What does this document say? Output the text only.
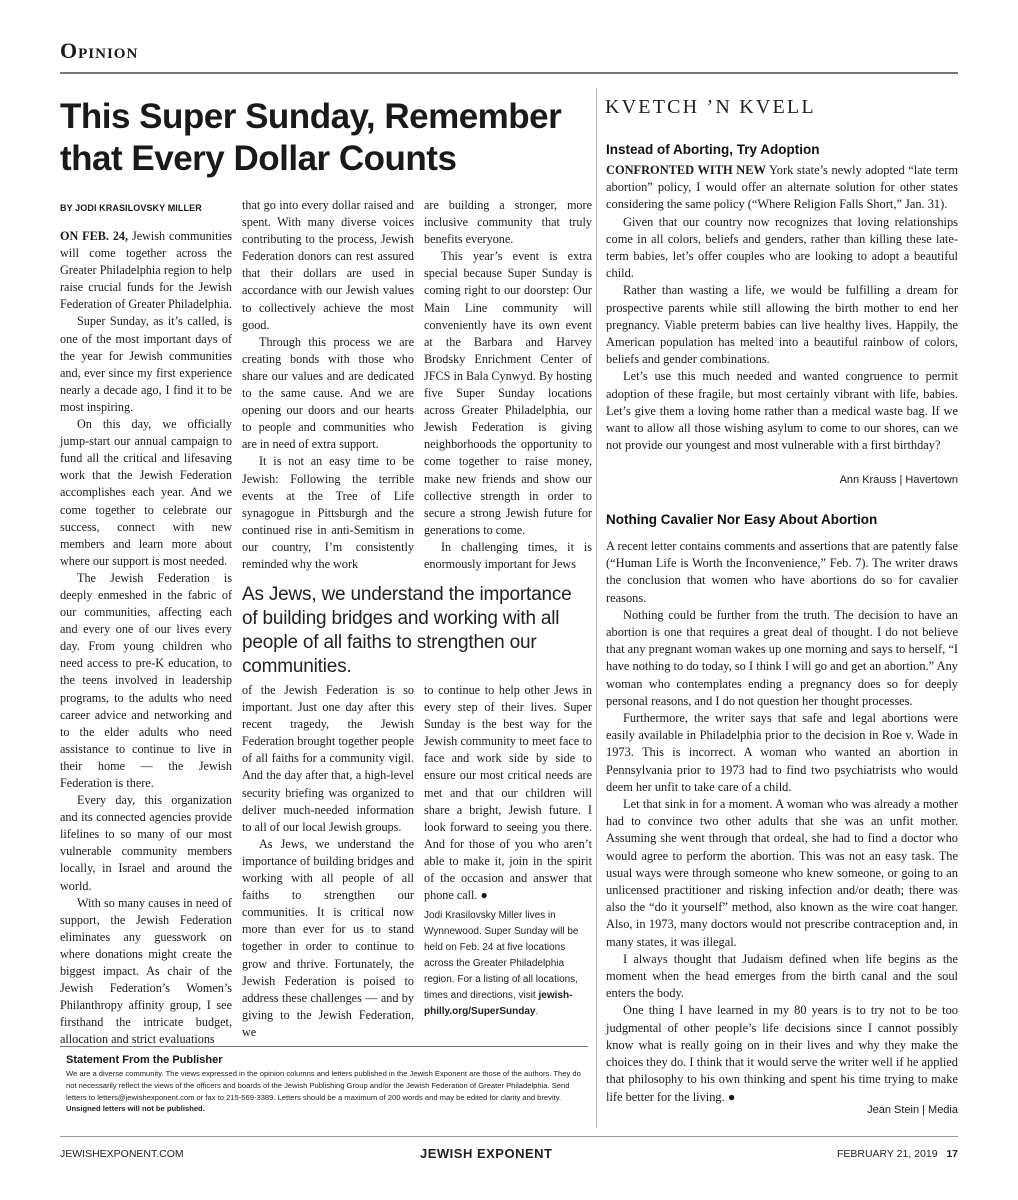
Opinion
This Super Sunday, Remember that Every Dollar Counts
BY JODI KRASILOVSKY MILLER

ON FEB. 24, Jewish communities will come together across the Greater Philadelphia region to help raise crucial funds for the Jewish Federation of Greater Philadelphia.

Super Sunday, as it’s called, is one of the most important days of the year for Jewish communities and, ever since my first experience nearly a decade ago, I find it to be most inspiring.

On this day, we officially jump-start our annual campaign to fund all the critical and lifesaving work that the Jewish Federation accomplishes each year. And we come together to celebrate our success, connect with new members and learn more about where our support is most needed.

The Jewish Federation is deeply enmeshed in the fabric of our communities, affecting each and every one of our lives every day. From young children who need access to pre-K education, to the teens involved in leadership programs, to the adults who need career advice and networking and to the elder adults who need assistance to continue to live in their home — the Jewish Federation is there.

Every day, this organization and its connected agencies provide lifelines to so many of our most vulnerable community members locally, in Israel and around the world.

With so many causes in need of support, the Jewish Federation eliminates any guesswork on where donations might create the biggest impact. As chair of the Jewish Federation’s Women’s Philanthropy affinity group, I see firsthand the intricate budget, allocation and strict evaluations

that go into every dollar raised and spent. With many diverse voices contributing to the process, Jewish Federation donors can rest assured that their dollars are used in accordance with our Jewish values to collectively achieve the most good.

Through this process we are creating bonds with those who share our values and are dedicated to the same cause. And we are opening our doors and our hearts to people and communities who are in need of extra support.

It is not an easy time to be Jewish: Following the terrible events at the Tree of Life synagogue in Pittsburgh and the continued rise in anti-Semitism in our country, I’m consistently reminded why the work

are building a stronger, more inclusive community that truly benefits everyone.

This year’s event is extra special because Super Sunday is coming right to our doorstep: Our Main Line community will conveniently have its own event at the Barbara and Harvey Brodsky Enrichment Center of JFCS in Bala Cynwyd. By hosting five Super Sunday locations across Greater Philadelphia, our Jewish Federation is giving neighborhoods the opportunity to come together to raise money, make new friends and show our collective strength in order to secure a strong Jewish future for generations to come.

In challenging times, it is enormously important for Jews

As Jews, we understand the importance of building bridges and working with all people of all faiths to strengthen our communities.

of the Jewish Federation is so important. Just one day after this recent tragedy, the Jewish Federation brought together people of all faiths for a community vigil. And the day after that, a high-level security briefing was organized to deliver much-needed information to all of our local Jewish groups.

As Jews, we understand the importance of building bridges and working with all people of all faiths to strengthen our communities. It is critical now more than ever for us to stand together in order to continue to grow and thrive. Fortunately, the Jewish Federation is poised to address these challenges — and by giving to the Jewish Federation, we

to continue to help other Jews in every step of their lives. Super Sunday is the best way for the Jewish community to meet face to face and work side by side to ensure our most critical needs are met and that our children will share a bright, Jewish future. I look forward to seeing you there. And for those of you who aren’t able to make it, join in the spirit of the occasion and answer that phone call. ●

Jodi Krasilovsky Miller lives in Wynnewood. Super Sunday will be held on Feb. 24 at five locations across the Greater Philadelphia region. For a listing of all locations, times and directions, visit jewish-philly.org/SuperSunday.
KVETCH ’N KVELL
Instead of Aborting, Try Adoption

CONFRONTED WITH NEW York state’s newly adopted “late term abortion” policy, I would offer an alternate solution for other states considering the same policy (“Where Religion Falls Short,” Jan. 31).

Given that our country now recognizes that loving relationships come in all colors, beliefs and genders, rather than killing these late-term babies, let’s offer couples who are looking to adopt a beautiful child.

Rather than wasting a life, we would be fulfilling a dream for prospective parents while still allowing the birth mother to end her pregnancy. Viable preterm babies can live healthy lives. Happily, the American population has melted into a beautiful rainbow of colors, beliefs and gender combinations.

Let’s use this much needed and wanted congruence to permit adoption of these fragile, but most certainly vibrant with life, babies. Let’s give them a loving home rather than a medical waste bag. If we want to allow all those wishing asylum to come to our shores, can we not provide our youngest and most vulnerable with a first birthday?

Ann Krauss | Havertown
Nothing Cavalier Nor Easy About Abortion

A recent letter contains comments and assertions that are patently false (“Human Life is Worth the Inconvenience,” Feb. 7). The writer draws the conclusion that women who have abortions do so for cavalier reasons.

Nothing could be further from the truth. The decision to have an abortion is one that requires a great deal of thought. I do not believe that any pregnant woman wakes up one morning and says to herself, “I have nothing to do today, so I think I will go and get an abortion.” Any woman who contemplates ending a pregnancy does so for deeply personal reasons, and I do not question her thought processes.

Furthermore, the writer says that safe and legal abortions were easily available in Philadelphia prior to the decision in Roe v. Wade in 1973. This is incorrect. A woman who wanted an abortion in Pennsylvania prior to 1973 had to find two psychiatrists who would deem her unfit to take care of a child.

Let that sink in for a moment. A woman who was already a mother had to convince two other adults that she was an unfit mother. Assuming she went through that ordeal, she had to find a doctor who would agree to perform the abortion. This was not an easy task. The usual ways were through someone who knew someone, or going to an unlicensed practitioner and risking infection and/or death; there was also the “do it yourself” method, also known as the wire coat hanger. Also, in 1973, many doctors would not prescribe contraception and, in many states, it was illegal.

I always thought that Judaism defined when life begins as the moment when the head emerges from the birth canal and the soul enters the body.

One thing I have learned in my 80 years is to try not to be too judgmental of other people’s life decisions since I cannot possibly know what is really going on in their lives and why they make the choices they do. I think that it would serve the writer well if he applied that philosophy to his own thinking and spent his time trying to make life better for the living. ●

Jean Stein | Media
Statement From the Publisher
We are a diverse community. The views expressed in the opinion columns and letters published in the Jewish Exponent are those of the authors. They do not necessarily reflect the views of the officers and boards of the Jewish Publishing Group and/or the Jewish Federation of Greater Philadelphia. Send letters to letters@jewishexponent.com or fax to 215-569-3389. Letters should be a maximum of 200 words and may be edited for clarity and brevity. Unsigned letters will not be published.
JEWISHEXPONENT.COM	JEWISH EXPONENT	FEBRUARY 21, 2019 17
